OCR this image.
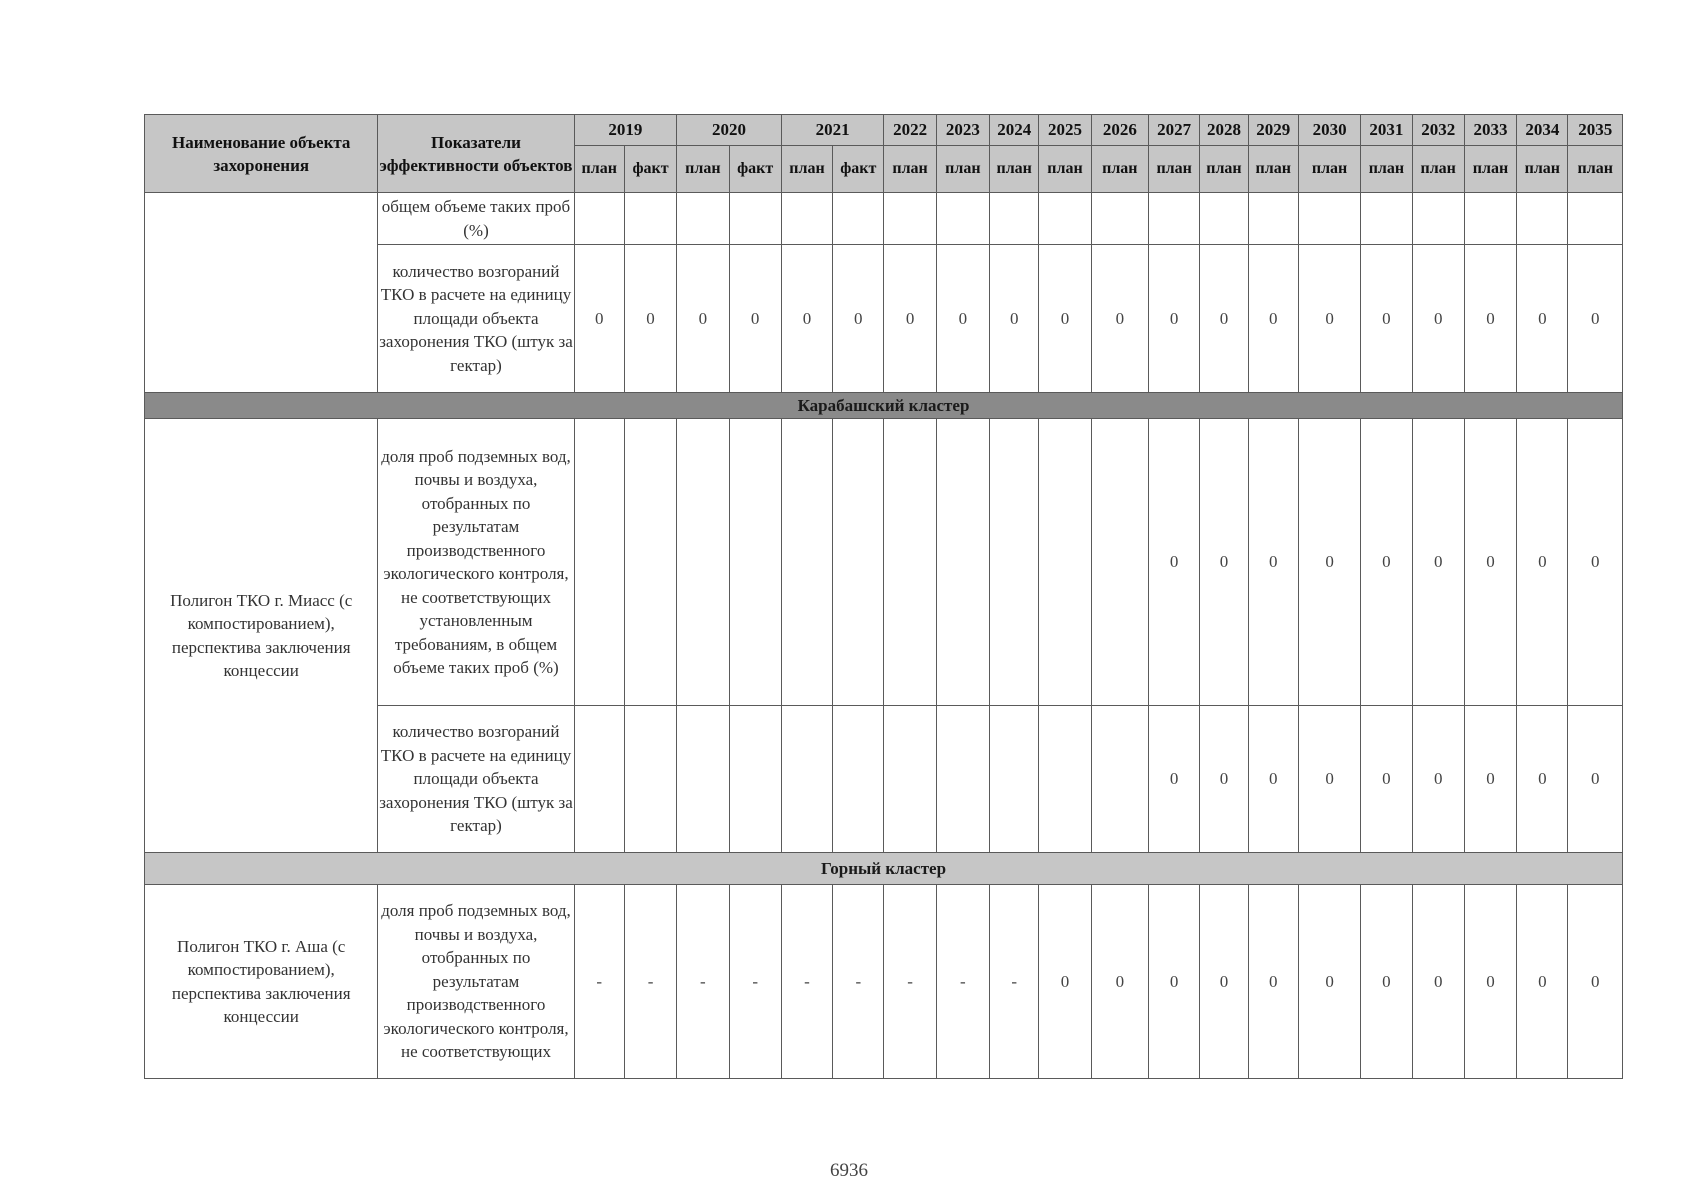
Наименование объекта захоронения	Показатели эффективности объектов	2019		2020		2021		2022	2023	2024	2025	2026	2027	2028	2029	2030	2031	2032	2033	2034	2035
		план	факт	план	факт	план	факт	план	план	план	план	план	план	план	план	план	план	план	план	план	план
	общем объеме таких проб (%)																				
	количество возгораний ТКО в расчете на единицу площади объекта захоронения ТКО (штук за гектар)	0	0	0	0	0	0	0	0	0	0	0	0	0	0	0	0	0	0	0	0
Карабашский кластер																					
Полигон ТКО г. Миасс (с компостированием), перспектива заключения концессии	доля проб подземных вод, почвы и воздуха, отобранных по результатам производственного экологического контроля, не соответствующих установленным требованиям, в общем объеме таких проб (%)												0	0	0	0	0	0	0	0	0
	количество возгораний ТКО в расчете на единицу площади объекта захоронения ТКО (штук за гектар)												0	0	0	0	0	0	0	0	0
Горный кластер																					
Полигон ТКО г. Аша (с компостированием), перспектива заключения концессии	доля проб подземных вод, почвы и воздуха, отобранных по результатам производственного экологического контроля, не соответствующих	-	-	-	-	-	-	-	-	-	0	0	0	0	0	0	0	0	0	0	0
6936
